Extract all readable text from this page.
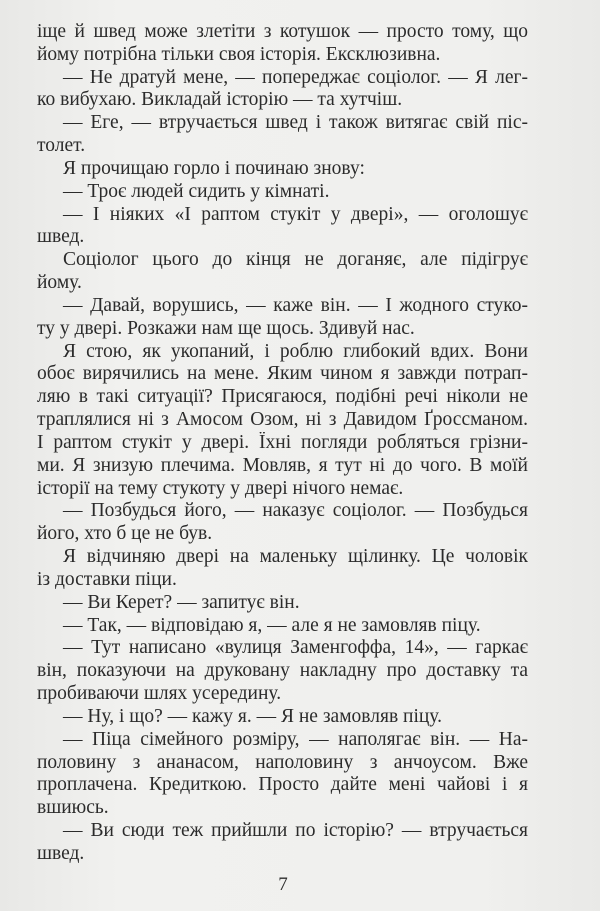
іще й швед може злетіти з котушок — просто тому, що
йому потрібна тільки своя історія. Ексклюзивна.
— Не дратуй мене, — попереджає соціолог. — Я лег-
ко вибухаю. Викладай історію — та хутчіш.
— Еге, — втручається швед і також витягає свій піс-
толет.
Я прочищаю горло і починаю знову:
— Троє людей сидить у кімнаті.
— І ніяких «І раптом стукіт у двері», — оголошує
швед.
Соціолог цього до кінця не доганяє, але підігрує
йому.
— Давай, ворушись, — каже він. — І жодного стуко-
ту у двері. Розкажи нам ще щось. Здивуй нас.
Я стою, як укопаний, і роблю глибокий вдих. Вони
обоє вирячились на мене. Яким чином я завжди потрап-
ляю в такі ситуації? Присягаюся, подібні речі ніколи не
траплялися ні з Амосом Озом, ні з Давидом Ґроссманом.
І раптом стукіт у двері. Їхні погляди робляться грізни-
ми. Я знизую плечима. Мовляв, я тут ні до чого. В моїй
історії на тему стукоту у двері нічого немає.
— Позбудься його, — наказує соціолог. — Позбудься
його, хто б це не був.
Я відчиняю двері на маленьку щілинку. Це чоловік
із доставки піци.
— Ви Керет? — запитує він.
— Так, — відповідаю я, — але я не замовляв піцу.
— Тут написано «вулиця Заменгоффа, 14», — гаркає
він, показуючи на друковану накладну про доставку та
пробиваючи шлях усередину.
— Ну, і що? — кажу я. — Я не замовляв піцу.
— Піца сімейного розміру, — наполягає він. — На-
половину з ананасом, наполовину з анчоусом. Вже
проплачена. Кредиткою. Просто дайте мені чайові і я
вшиюсь.
— Ви сюди теж прийшли по історію? — втручається
швед.
7
